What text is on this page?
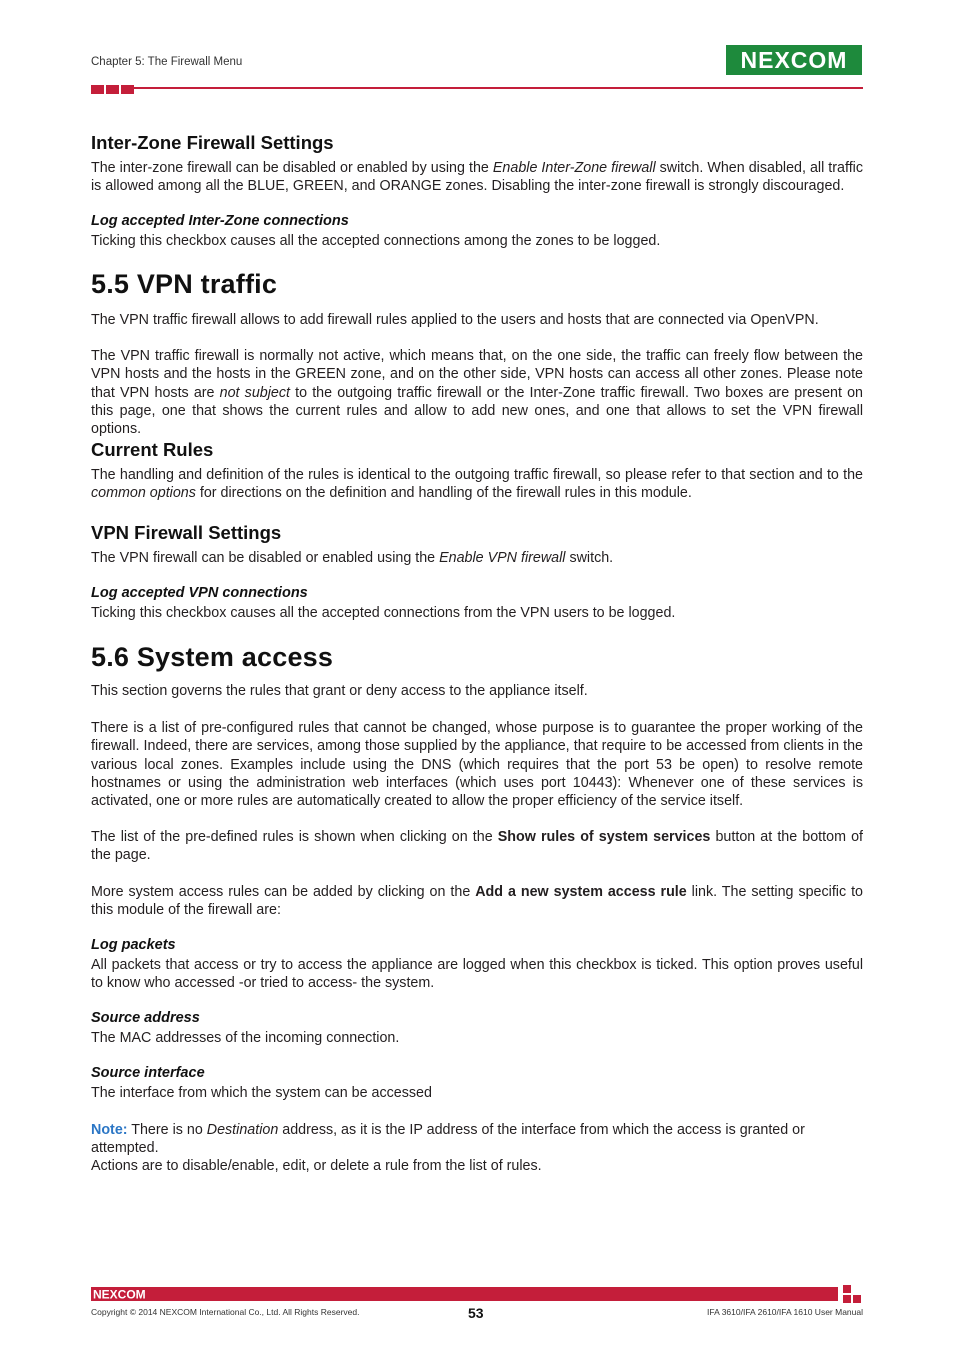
Chapter 5: The Firewall Menu	NEXCOM
Inter-Zone Firewall Settings

The inter-zone firewall can be disabled or enabled by using the Enable Inter-Zone firewall switch. When disabled, all traffic is allowed among all the BLUE, GREEN, and ORANGE zones. Disabling the inter-zone firewall is strongly discouraged.

Log accepted Inter-Zone connections

Ticking this checkbox causes all the accepted connections among the zones to be logged.

5.5 VPN traffic

The VPN traffic firewall allows to add firewall rules applied to the users and hosts that are connected via OpenVPN.

The VPN traffic firewall is normally not active, which means that, on the one side, the traffic can freely flow between the VPN hosts and the hosts in the GREEN zone, and on the other side, VPN hosts can access all other zones. Please note that VPN hosts are not subject to the outgoing traffic firewall or the Inter-Zone traffic firewall. Two boxes are present on this page, one that shows the current rules and allow to add new ones, and one that allows to set the VPN firewall options.

Current Rules

The handling and definition of the rules is identical to the outgoing traffic firewall, so please refer to that section and to the common options for directions on the definition and handling of the firewall rules in this module.

VPN Firewall Settings

The VPN firewall can be disabled or enabled using the Enable VPN firewall switch.

Log accepted VPN connections

Ticking this checkbox causes all the accepted connections from the VPN users to be logged.

5.6 System access

This section governs the rules that grant or deny access to the appliance itself.

There is a list of pre-configured rules that cannot be changed, whose purpose is to guarantee the proper working of the firewall. Indeed, there are services, among those supplied by the appliance, that require to be accessed from clients in the various local zones. Examples include using the DNS (which requires that the port 53 be open) to resolve remote hostnames or using the administration web interfaces (which uses port 10443): Whenever one of these services is activated, one or more rules are automatically created to allow the proper efficiency of the service itself.

The list of the pre-defined rules is shown when clicking on the Show rules of system services button at the bottom of the page.

More system access rules can be added by clicking on the Add a new system access rule link. The setting specific to this module of the firewall are:

Log packets

All packets that access or try to access the appliance are logged when this checkbox is ticked. This option proves useful to know who accessed -or tried to access- the system.

Source address

The MAC addresses of the incoming connection.

Source interface

The interface from which the system can be accessed

Note: There is no Destination address, as it is the IP address of the interface from which the access is granted or attempted.

Actions are to disable/enable, edit, or delete a rule from the list of rules.

NEXCOM
Copyright © 2014 NEXCOM International Co., Ltd. All Rights Reserved.	53	IFA 3610/IFA 2610/IFA 1610 User Manual
